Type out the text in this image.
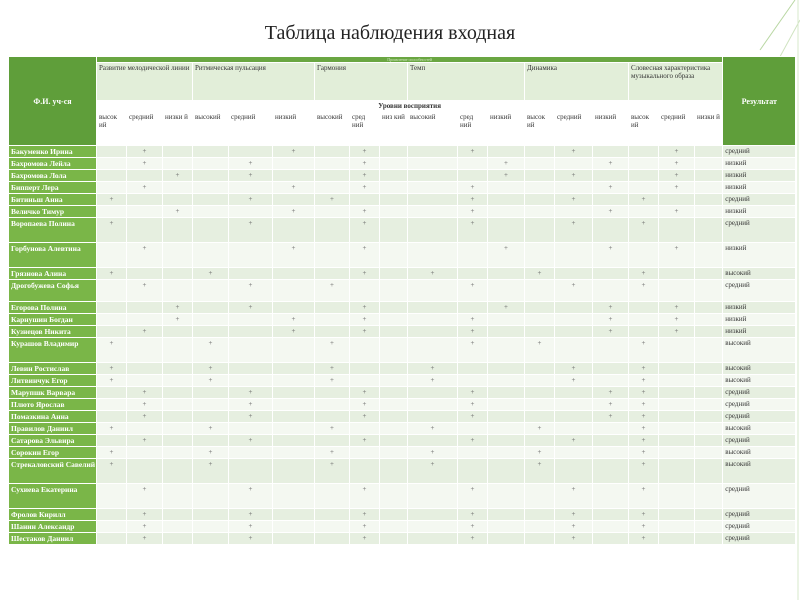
Таблица наблюдения входная
Ф.И. уч-ся	Проявление способностей																		Результат
	Развитие мелодической линии			Ритмическая пульсация			Гармония			Темп			Динамика			Словесная характеристика музыкального образа			
	Уровни восприятия																		
	высок ий	средний	низки й	высокий	средний	низкий	высокий	сред ний	низ кий	высокий	сред ний	низкий	высок ий	средний	низкий	высок ий	средний	низки й	
Бакуменко Ирина		+				+		+			+			+			+		средний
Бахромова Лейла		+			+			+				+			+		+		низкий
Бахромова Лола			+		+			+				+		+			+		низкий
Бипперт Лера		+				+		+			+				+		+		низкий
Битиньш Анна	+				+		+				+			+		+			средний
Величко Тимур			+			+		+			+				+		+		низкий
Воропаева Полина	+				+			+			+			+		+			средний
Горбунова Алевтина		+				+		+				+			+		+		низкий
Грязнова Алина	+			+				+		+			+			+			высокий
Дрогобужева Софья		+			+		+				+			+		+			средний
Егорова Полина			+		+			+				+			+		+		низкий
Карнушин Богдан			+			+		+			+				+		+		низкий
Кузнецов Никита		+				+		+			+				+		+		низкий
Курашов Владимир	+			+			+				+		+			+			высокий
Левин Ростислав	+			+			+			+				+		+			высокий
Литвинчук Егор	+			+			+			+				+		+			высокий
Марупшк Варвара		+			+			+			+				+	+			средний
Плюто Ярослав		+			+			+			+				+	+			средний
Помазкина Анна		+			+			+			+				+	+			средний
Правилов Даниил	+			+			+			+			+			+			высокий
Сатарова Эльвира		+			+			+			+			+		+			средний
Сорокин Егор	+			+			+			+			+			+			высокий
Стрекаловский Савелий	+			+			+			+			+			+			высокий
Сухиева Екатерина		+			+			+			+			+		+			средний
Фролов Кирилл		+			+			+			+			+		+			средний
Шанин Александр		+			+			+			+			+		+			средний
Шестаков Даниил		+			+			+			+			+		+			средний
